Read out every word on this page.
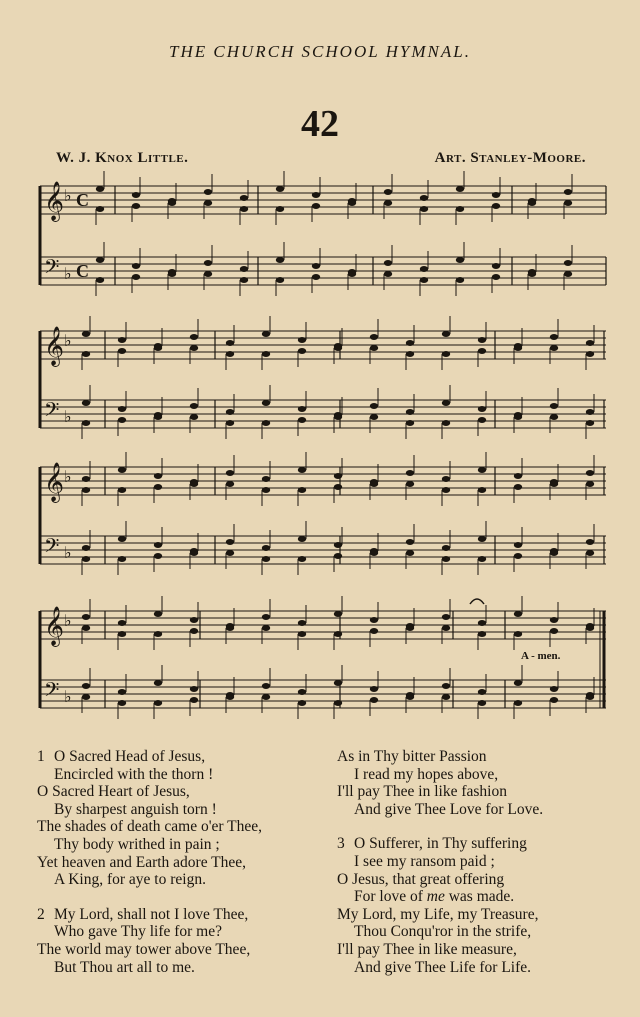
THE CHURCH SCHOOL HYMNAL.
42
W. J. Knox Little.	Art. Stanley-Moore.
𝄞 ♭ C
𝄢 ♭ C
𝄞 ♭
𝄢 ♭
𝄞 ♭
𝄢 ♭
𝄞 ♭
𝄢 ♭
A - men.
1 O Sacred Head of Jesus,
Encircled with the thorn !
O Sacred Heart of Jesus,
By sharpest anguish torn !
The shades of death came o'er Thee,
Thy body writhed in pain ;
Yet heaven and Earth adore Thee,
A King, for aye to reign.
2 My Lord, shall not I love Thee,
Who gave Thy life for me?
The world may tower above Thee,
But Thou art all to me.
As in Thy bitter Passion
I read my hopes above,
I'll pay Thee in like fashion
And give Thee Love for Love.
3 O Sufferer, in Thy suffering
I see my ransom paid ;
O Jesus, that great offering
For love of me was made.
My Lord, my Life, my Treasure,
Thou Conqu'ror in the strife,
I'll pay Thee in like measure,
And give Thee Life for Life.
